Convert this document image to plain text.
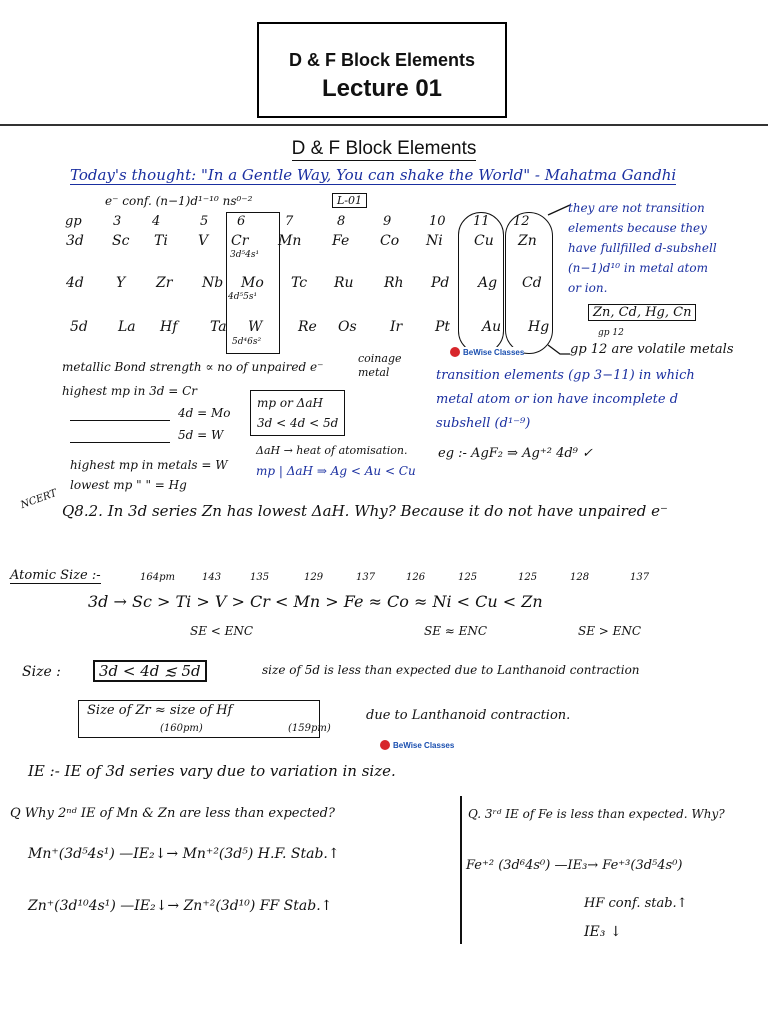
D & F Block Elements
Lecture 01
D & F Block Elements
Today's thought: "In a Gentle Way, You can shake the World" - Mahatma Gandhi
e⁻ conf. (n−1)d¹⁻¹⁰ ns⁰⁻²	L-01
gp 3 4	5 6	7	8	9	10 11 12
3d Sc Ti V Cr Mn Fe Co Ni Cu Zn
3d⁵4s¹
4d Y Zr Nb Mo Tc Ru Rh Pd Ag Cd
4d⁵5s¹
5d La Hf Ta W	Re Os Ir Pt Au Hg
5d⁴6s²
they are not transition elements because they have fullfilled d-subshell (n−1)d¹⁰ in metal atom or ion.
Zn, Cd, Hg, Cn
gp 12
gp 12 are volatile metals
coinage metal
BeWise Classes
metallic Bond strength ∝ no of unpaired e⁻
highest mp in 3d = Cr
4d = Mo
5d = W
mp or ΔaH
3d < 4d < 5d
ΔaH → heat of atomisation.
mp | ΔaH ⇒ Ag < Au < Cu
transition elements (gp 3−11) in which metal atom or ion have incomplete d subshell (d¹⁻⁹)
eg :- AgF₂ ⇒ Ag⁺² 4d⁹ ✓
highest mp in metals = W
lowest mp " " = Hg
NCERT Q8.2. In 3d series Zn has lowest ΔaH. Why? Because it do not have unpaired e⁻
Atomic Size :-	164pm	143	135	129	137	126	125	125	128	137
3d → Sc > Ti > V > Cr < Mn > Fe ≈ Co ≈ Ni < Cu < Zn
SE < ENC	SE ≈ ENC	SE > ENC
Size :	3d < 4d ≲ 5d	size of 5d is less than expected due to Lanthanoid contraction
Size of Zr ≈ size of Hf
(160pm)	(159pm)
due to Lanthanoid contraction.
BeWise Classes
IE :- IE of 3d series vary due to variation in size.
Q Why 2ⁿᵈ IE of Mn & Zn are less than expected?
Mn⁺(3d⁵4s¹) —IE₂↓→ Mn⁺²(3d⁵) H.F. Stab.↑
Zn⁺(3d¹⁰4s¹) —IE₂↓→ Zn⁺²(3d¹⁰) FF Stab.↑
Q. 3ʳᵈ IE of Fe is less than expected. Why?
Fe⁺² (3d⁶4s⁰) —IE₃→ Fe⁺³(3d⁵4s⁰)
HF conf. stab.↑
IE₃ ↓
